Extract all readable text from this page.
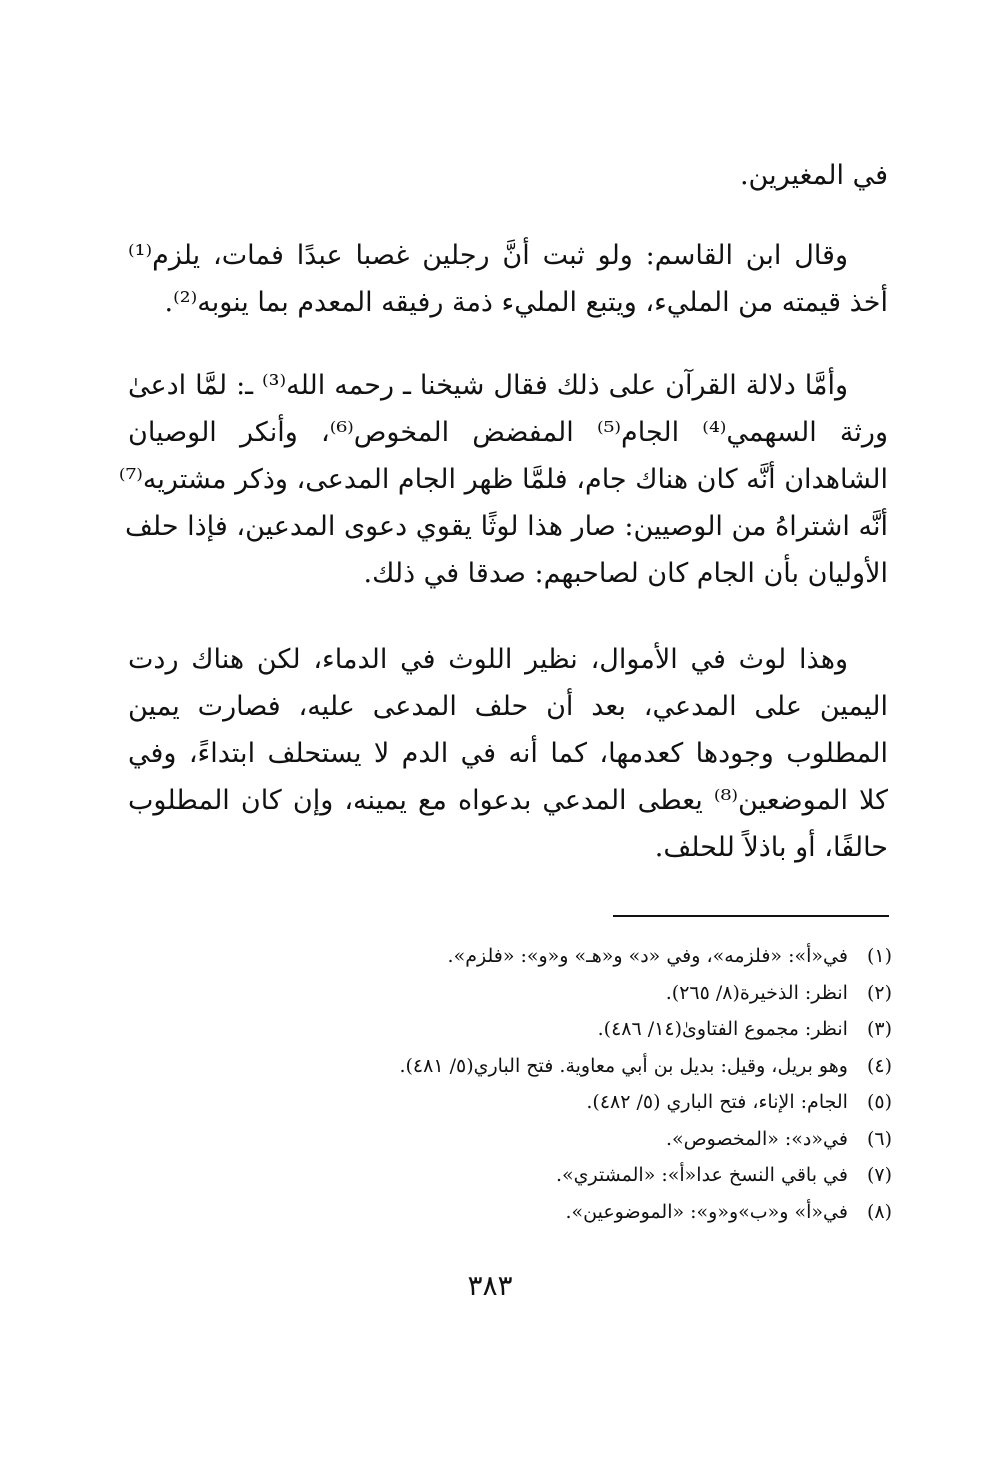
في المغيرين.
وقال ابن القاسم: ولو ثبت أنَّ رجلين غصبا عبدًا فمات، يلزم⁽¹⁾
أخذ قيمته من المليء، ويتبع المليء ذمة رفيقه المعدم بما ينوبه⁽²⁾.
وأمَّا دلالة القرآن على ذلك فقال شيخنا ـ رحمه الله⁽³⁾ ـ: لمَّا ادعىٰ
ورثة السهمي⁽⁴⁾ الجام⁽⁵⁾ المفضض المخوص⁽⁶⁾، وأنكر الوصيان
الشاهدان أنَّه كان هناك جام، فلمَّا ظهر الجام المدعى، وذكر مشتريه⁽⁷⁾
أنَّه اشتراهُ من الوصيين: صار هذا لوثًا يقوي دعوى المدعين، فإذا حلف
الأوليان بأن الجام كان لصاحبهم: صدقا في ذلك.
وهذا لوث في الأموال، نظير اللوث في الدماء، لكن هناك ردت
اليمين على المدعي، بعد أن حلف المدعى عليه، فصارت يمين
المطلوب وجودها كعدمها، كما أنه في الدم لا يستحلف ابتداءً، وفي
كلا الموضعين⁽⁸⁾ يعطى المدعي بدعواه مع يمينه، وإن كان المطلوب
حالفًا، أو باذلاً للحلف.
(١) في«أ»: «فلزمه»، وفي «د» و«هـ» و«و»: «فلزم».
(٢) انظر: الذخيرة(٨/ ٢٦٥).
(٣) انظر: مجموع الفتاوىٰ(١٤/ ٤٨٦).
(٤) وهو بريل، وقيل: بديل بن أبي معاوية. فتح الباري(٥/ ٤٨١).
(٥) الجام: الإناء، فتح الباري (٥/ ٤٨٢).
(٦) في«د»: «المخصوص».
(٧) في باقي النسخ عدا«أ»: «المشتري».
(٨) في«أ» و«ب»و«و»: «الموضوعين».
٣٨٣
